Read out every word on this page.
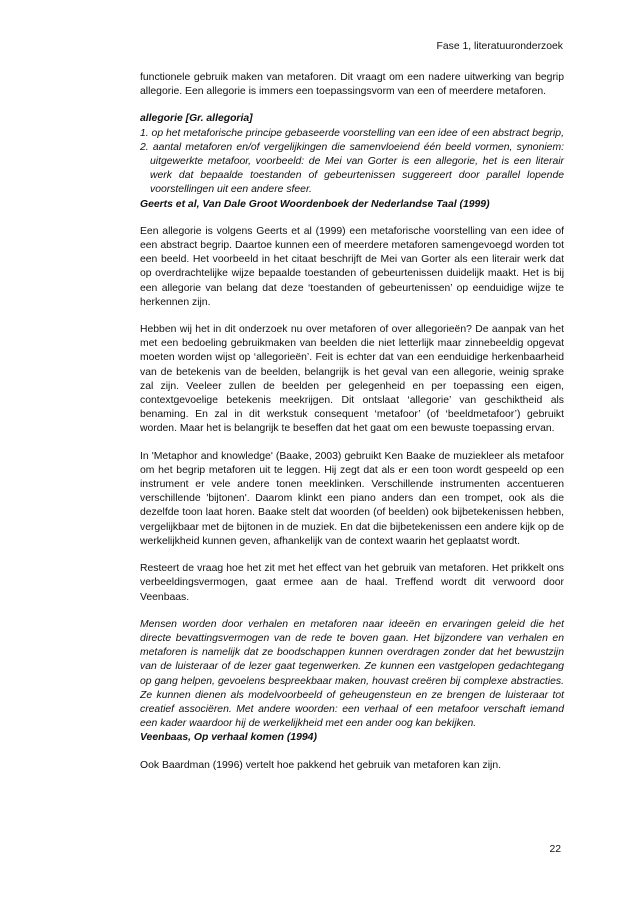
Fase 1, literatuuronderzoek

functionele gebruik maken van metaforen. Dit vraagt om een nadere uitwerking van begrip allegorie. Een allegorie is immers een toepassingsvorm van een of meerdere metaforen.

allegorie [Gr. allegoria]

1. op het metaforische principe gebaseerde voorstelling van een idee of een abstract begrip,
2. aantal metaforen en/of vergelijkingen die samenvloeiend één beeld vormen, synoniem: uitgewerkte metafoor, voorbeeld: de Mei van Gorter is een allegorie, het is een literair werk dat bepaalde toestanden of gebeurtenissen suggereert door parallel lopende voorstellingen uit een andere sfeer.

Geerts et al, Van Dale Groot Woordenboek der Nederlandse Taal (1999)

Een allegorie is volgens Geerts et al (1999) een metaforische voorstelling van een idee of een abstract begrip. Daartoe kunnen een of meerdere metaforen samengevoegd worden tot een beeld. Het voorbeeld in het citaat beschrijft de Mei van Gorter als een literair werk dat op overdrachtelijke wijze bepaalde toestanden of gebeurtenissen duidelijk maakt. Het is bij een allegorie van belang dat deze ‘toestanden of gebeurtenissen’ op eenduidige wijze te herkennen zijn.

Hebben wij het in dit onderzoek nu over metaforen of over allegorieën? De aanpak van het met een bedoeling gebruikmaken van beelden die niet letterlijk maar zinnebeeldig opgevat moeten worden wijst op ‘allegorieën’. Feit is echter dat van een eenduidige herkenbaarheid van de betekenis van de beelden, belangrijk is het geval van een allegorie, weinig sprake zal zijn. Veeleer zullen de beelden per gelegenheid en per toepassing een eigen, contextgevoelige betekenis meekrijgen. Dit ontslaat ‘allegorie’ van geschiktheid als benaming. En zal in dit werkstuk consequent ‘metafoor’ (of ‘beeldmetafoor’) gebruikt worden. Maar het is belangrijk te beseffen dat het gaat om een bewuste toepassing ervan.

In 'Metaphor and knowledge' (Baake, 2003) gebruikt Ken Baake de muziekleer als metafoor om het begrip metaforen uit te leggen. Hij zegt dat als er een toon wordt gespeeld op een instrument er vele andere tonen meeklinken. Verschillende instrumenten accentueren verschillende 'bijtonen'. Daarom klinkt een piano anders dan een trompet, ook als die dezelfde toon laat horen. Baake stelt dat woorden (of beelden) ook bijbetekenissen hebben, vergelijkbaar met de bijtonen in de muziek. En dat die bijbetekenissen een andere kijk op de werkelijkheid kunnen geven, afhankelijk van de context waarin het geplaatst wordt.

Resteert de vraag hoe het zit met het effect van het gebruik van metaforen. Het prikkelt ons verbeeldingsvermogen, gaat ermee aan de haal. Treffend wordt dit verwoord door Veenbaas.

Mensen worden door verhalen en metaforen naar ideeën en ervaringen geleid die het directe bevattingsvermogen van de rede te boven gaan. Het bijzondere van verhalen en metaforen is namelijk dat ze boodschappen kunnen overdragen zonder dat het bewustzijn van de luisteraar of de lezer gaat tegenwerken. Ze kunnen een vastgelopen gedachtegang op gang helpen, gevoelens bespreekbaar maken, houvast creëren bij complexe abstracties. Ze kunnen dienen als modelvoorbeeld of geheugensteun en ze brengen de luisteraar tot creatief associëren. Met andere woorden: een verhaal of een metafoor verschaft iemand een kader waardoor hij de werkelijkheid met een ander oog kan bekijken.

Veenbaas, Op verhaal komen (1994)

Ook Baardman (1996) vertelt hoe pakkend het gebruik van metaforen kan zijn.

22
